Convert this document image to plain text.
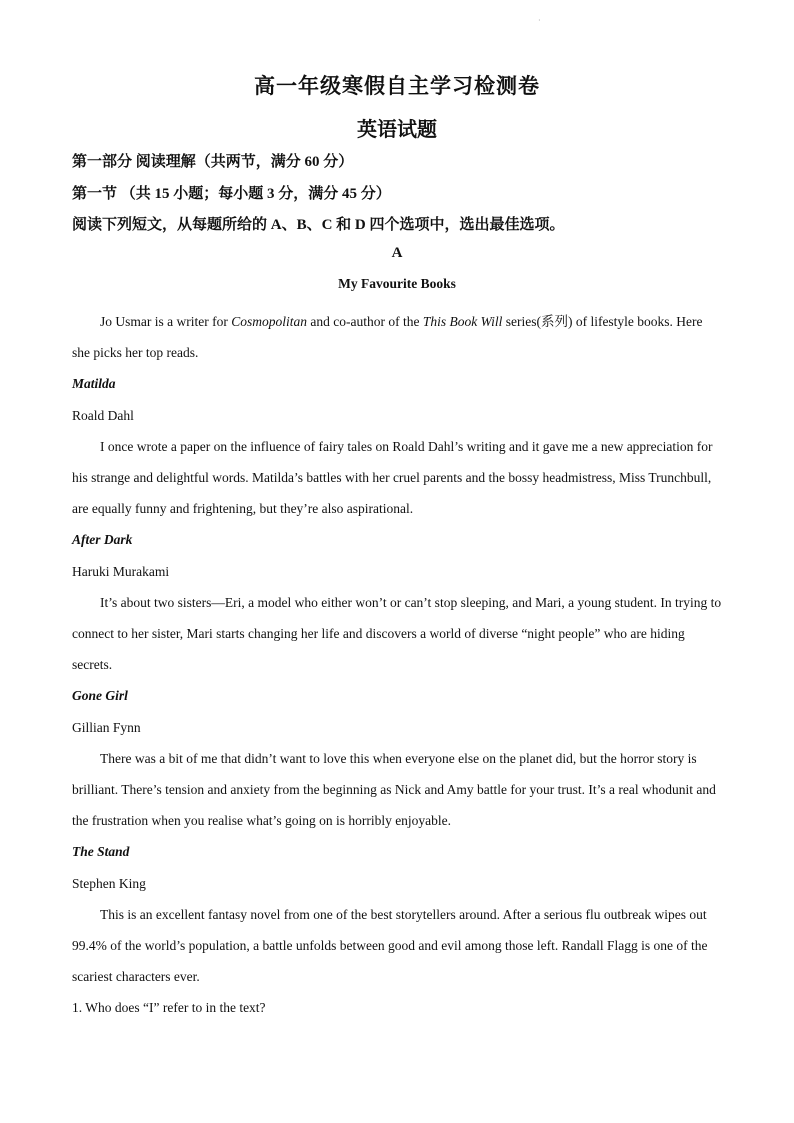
·
高一年级寒假自主学习检测卷
英语试题
第一部分 阅读理解（共两节，满分 60 分）
第一节 （共 15 小题；每小题 3 分，满分 45 分）
阅读下列短文，从每题所给的 A、B、C 和 D 四个选项中，选出最佳选项。
A
My Favourite Books

Jo Usmar is a writer for Cosmopolitan and co-author of the This Book Will series(系列) of lifestyle books. Here she picks her top reads.

Matilda

Roald Dahl

I once wrote a paper on the influence of fairy tales on Roald Dahl’s writing and it gave me a new appreciation for his strange and delightful words. Matilda’s battles with her cruel parents and the bossy headmistress, Miss Trunchbull, are equally funny and frightening, but they’re also aspirational.

After Dark

Haruki Murakami

It’s about two sisters—Eri, a model who either won’t or can’t stop sleeping, and Mari, a young student. In trying to connect to her sister, Mari starts changing her life and discovers a world of diverse “night people” who are hiding secrets.

Gone Girl

Gillian Fynn

There was a bit of me that didn’t want to love this when everyone else on the planet did, but the horror story is brilliant. There’s tension and anxiety from the beginning as Nick and Amy battle for your trust. It’s a real whodunit and the frustration when you realise what’s going on is horribly enjoyable.

The Stand

Stephen King

This is an excellent fantasy novel from one of the best storytellers around. After a serious flu outbreak wipes out 99.4% of the world’s population, a battle unfolds between good and evil among those left. Randall Flagg is one of the scariest characters ever.

1. Who does “I” refer to in the text?
